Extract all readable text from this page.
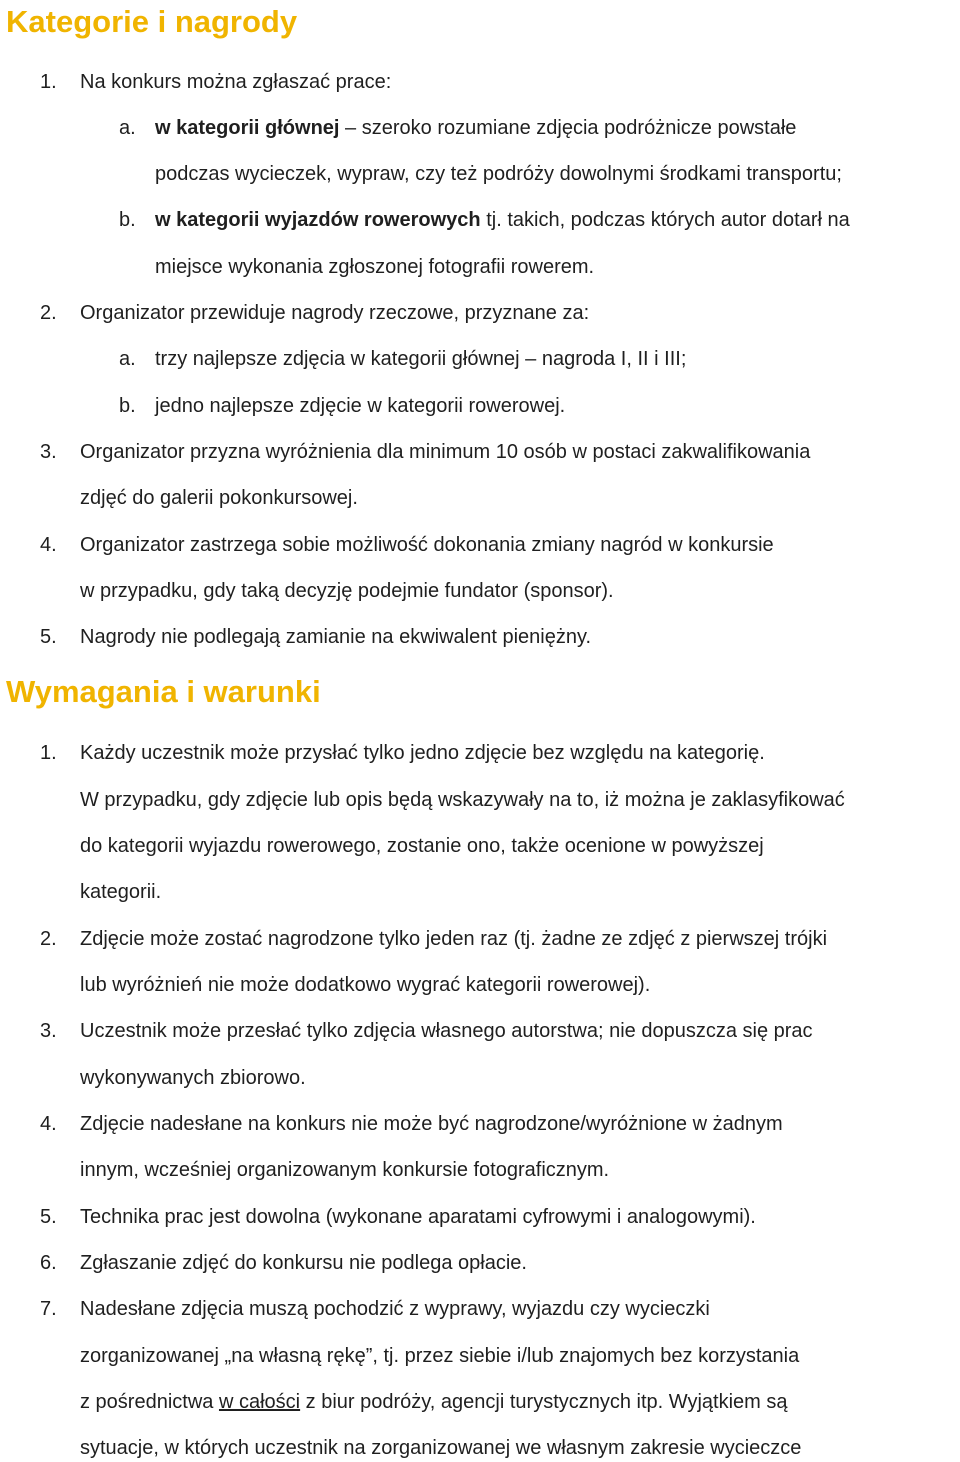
Kategorie i nagrody
1. Na konkurs można zgłaszać prace:
a. w kategorii głównej – szeroko rozumiane zdjęcia podróżnicze powstałe
podczas wycieczek, wypraw, czy też podróży dowolnymi środkami transportu;
b. w kategorii wyjazdów rowerowych tj. takich, podczas których autor dotarł na
miejsce wykonania zgłoszonej fotografii rowerem.
2. Organizator przewiduje nagrody rzeczowe, przyznane za:
a. trzy najlepsze zdjęcia w kategorii głównej – nagroda I, II i III;
b. jedno najlepsze zdjęcie w kategorii rowerowej.
3. Organizator przyzna wyróżnienia dla minimum 10 osób w postaci zakwalifikowania
zdjęć do galerii pokonkursowej.
4. Organizator zastrzega sobie możliwość dokonania zmiany nagród w konkursie
w przypadku, gdy taką decyzję podejmie fundator (sponsor).
5. Nagrody nie podlegają zamianie na ekwiwalent pieniężny.
Wymagania i warunki
1. Każdy uczestnik może przysłać tylko jedno zdjęcie bez względu na kategorię.
W przypadku, gdy zdjęcie lub opis będą wskazywały na to, iż można je zaklasyfikować
do kategorii wyjazdu rowerowego, zostanie ono, także ocenione w powyższej
kategorii.
2. Zdjęcie może zostać nagrodzone tylko jeden raz (tj. żadne ze zdjęć z pierwszej trójki
lub wyróżnień nie może dodatkowo wygrać kategorii rowerowej).
3. Uczestnik może przesłać tylko zdjęcia własnego autorstwa; nie dopuszcza się prac
wykonywanych zbiorowo.
4. Zdjęcie nadesłane na konkurs nie może być nagrodzone/wyróżnione w żadnym
innym, wcześniej organizowanym konkursie fotograficznym.
5. Technika prac jest dowolna (wykonane aparatami cyfrowymi i analogowymi).
6. Zgłaszanie zdjęć do konkursu nie podlega opłacie.
7. Nadesłane zdjęcia muszą pochodzić z wyprawy, wyjazdu czy wycieczki
zorganizowanej „na własną rękę”, tj. przez siebie i/lub znajomych bez korzystania
z pośrednictwa w całości z biur podróży, agencji turystycznych itp. Wyjątkiem są
sytuacje, w których uczestnik na zorganizowanej we własnym zakresie wycieczce
